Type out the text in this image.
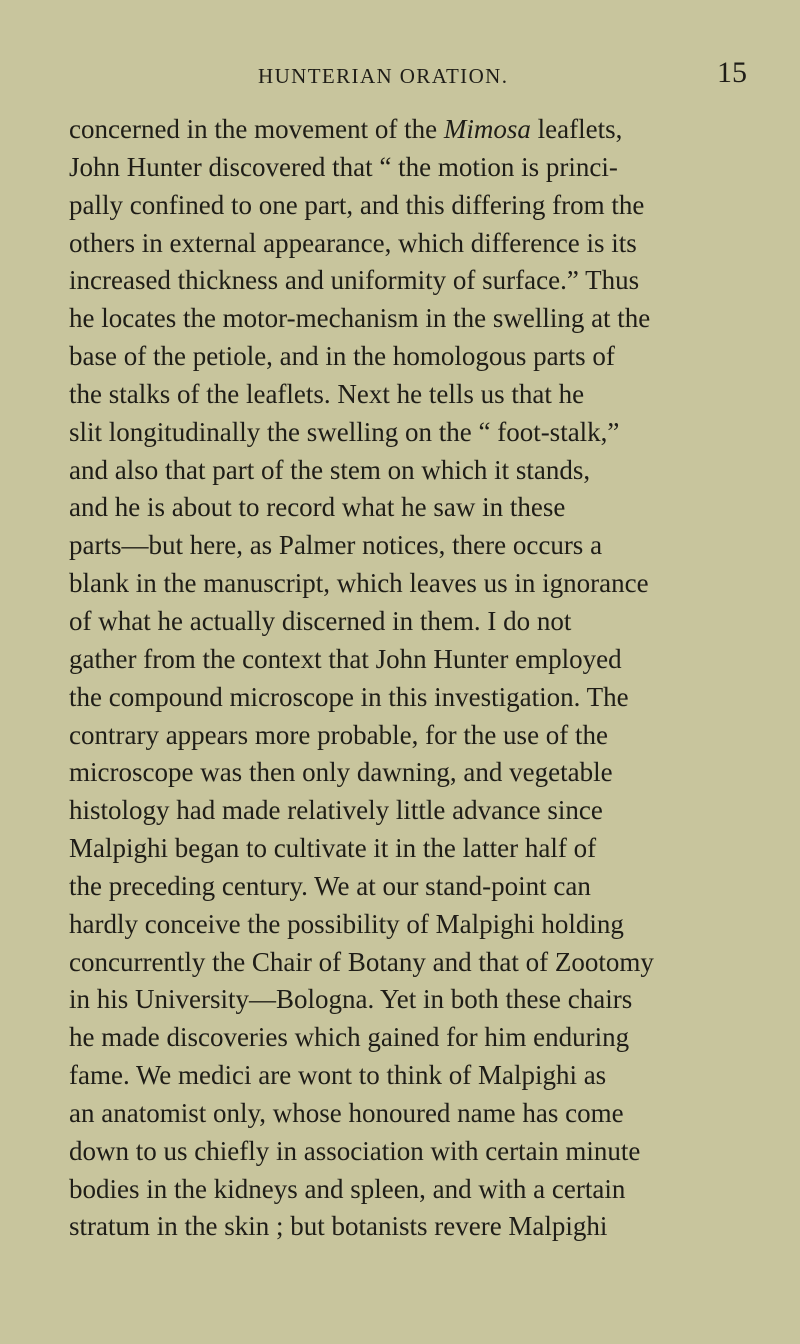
HUNTERIAN ORATION.	15
concerned in the movement of the Mimosa leaflets,
John Hunter discovered that “ the motion is princi-
pally confined to one part, and this differing from the
others in external appearance, which difference is its
increased thickness and uniformity of surface.” Thus
he locates the motor-mechanism in the swelling at the
base of the petiole, and in the homologous parts of
the stalks of the leaflets. Next he tells us that he
slit longitudinally the swelling on the “ foot-stalk,”
and also that part of the stem on which it stands,
and he is about to record what he saw in these
parts—but here, as Palmer notices, there occurs a
blank in the manuscript, which leaves us in ignorance
of what he actually discerned in them. I do not
gather from the context that John Hunter employed
the compound microscope in this investigation. The
contrary appears more probable, for the use of the
microscope was then only dawning, and vegetable
histology had made relatively little advance since
Malpighi began to cultivate it in the latter half of
the preceding century. We at our stand-point can
hardly conceive the possibility of Malpighi holding
concurrently the Chair of Botany and that of Zootomy
in his University—Bologna. Yet in both these chairs
he made discoveries which gained for him enduring
fame. We medici are wont to think of Malpighi as
an anatomist only, whose honoured name has come
down to us chiefly in association with certain minute
bodies in the kidneys and spleen, and with a certain
stratum in the skin ; but botanists revere Malpighi
